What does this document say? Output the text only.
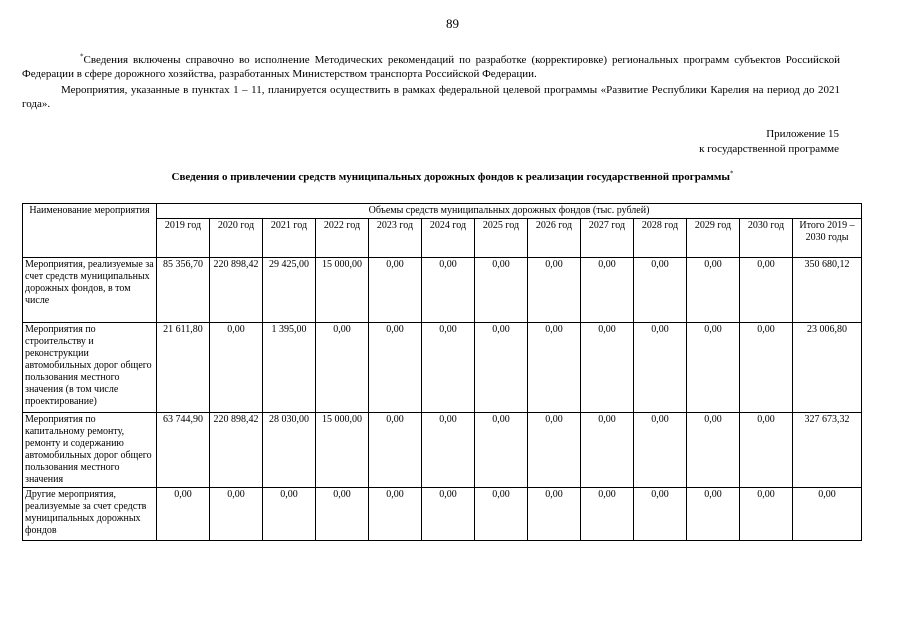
89

*Сведения включены справочно во исполнение Методических рекомендаций по разработке (корректировке) региональных программ субъектов Российской Федерации в сфере дорожного хозяйства, разработанных Министерством транспорта Российской Федерации.

Мероприятия, указанные в пунктах 1 – 11, планируется осуществить в рамках федеральной целевой программы «Развитие Республики Карелия на период до 2021 года».

Приложение 15
к государственной программе
Сведения о привлечении средств муниципальных дорожных фондов к реализации государственной программы*
Наименование мероприятия	Объемы средств муниципальных дорожных фондов (тыс. рублей)												
	2019 год	2020 год	2021 год	2022 год	2023 год	2024 год	2025 год	2026 год	2027 год	2028 год	2029 год	2030 год	Итого 2019 – 2030 годы
Мероприятия, реализуемые за счет средств муниципальных дорожных фондов, в том числе	85 356,70	220 898,42	29 425,00	15 000,00	0,00	0,00	0,00	0,00	0,00	0,00	0,00	0,00	350 680,12
Мероприятия по строительству и реконструкции автомобильных дорог общего пользования местного значения (в том числе проектирование)	21 611,80	0,00	1 395,00	0,00	0,00	0,00	0,00	0,00	0,00	0,00	0,00	0,00	23 006,80
Мероприятия по капитальному ремонту, ремонту и содержанию автомобильных дорог общего пользования местного значения	63 744,90	220 898,42	28 030,00	15 000,00	0,00	0,00	0,00	0,00	0,00	0,00	0,00	0,00	327 673,32
Другие мероприятия, реализуемые за счет средств муниципальных дорожных фондов	0,00	0,00	0,00	0,00	0,00	0,00	0,00	0,00	0,00	0,00	0,00	0,00	0,00
